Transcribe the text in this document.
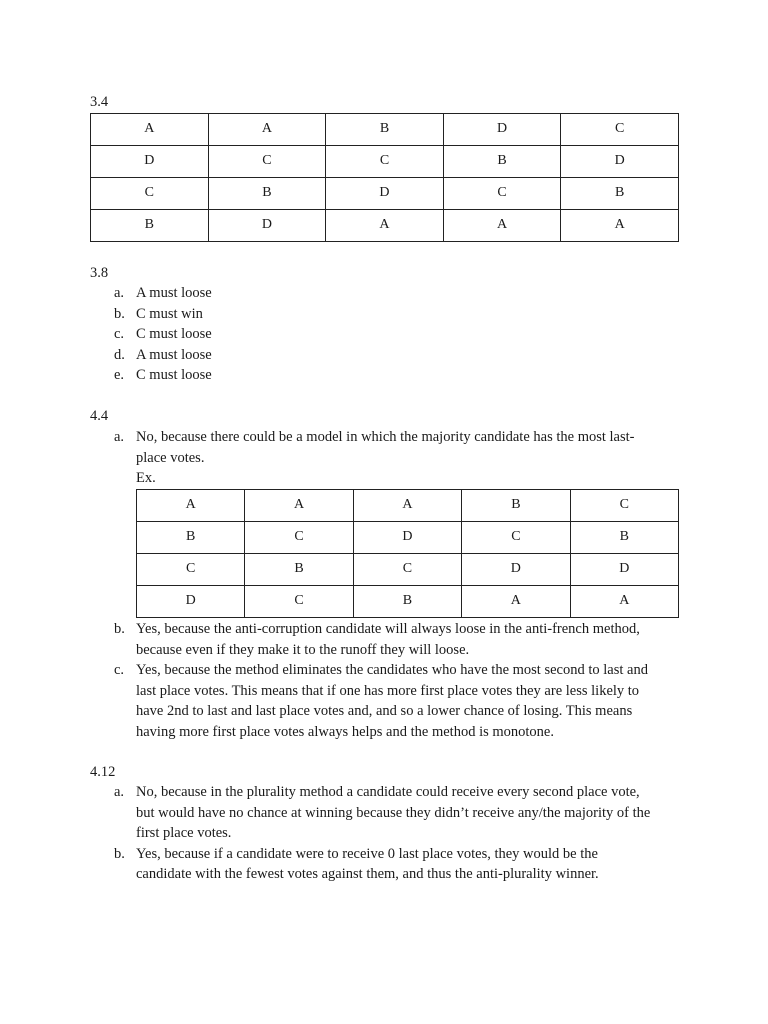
3.4
A	A	B	D	C
D	C	C	B	D
C	B	D	C	B
B	D	A	A	A
3.8
a. A must loose
b. C must win
c. C must loose
d. A must loose
e. C must loose
4.4
a. No, because there could be a model in which the majority candidate has the most last-
place votes.
Ex.
A	A	A	B	C
B	C	D	C	B
C	B	C	D	D
D	C	B	A	A
b. Yes, because the anti-corruption candidate will always loose in the anti-french method,
because even if they make it to the runoff they will loose.
c. Yes, because the method eliminates the candidates who have the most second to last and
last place votes. This means that if one has more first place votes they are less likely to
have 2nd to last and last place votes and, and so a lower chance of losing. This means
having more first place votes always helps and the method is monotone.
4.12
a. No, because in the plurality method a candidate could receive every second place vote,
but would have no chance at winning because they didn’t receive any/the majority of the
first place votes.
b. Yes, because if a candidate were to receive 0 last place votes, they would be the
candidate with the fewest votes against them, and thus the anti-plurality winner.
